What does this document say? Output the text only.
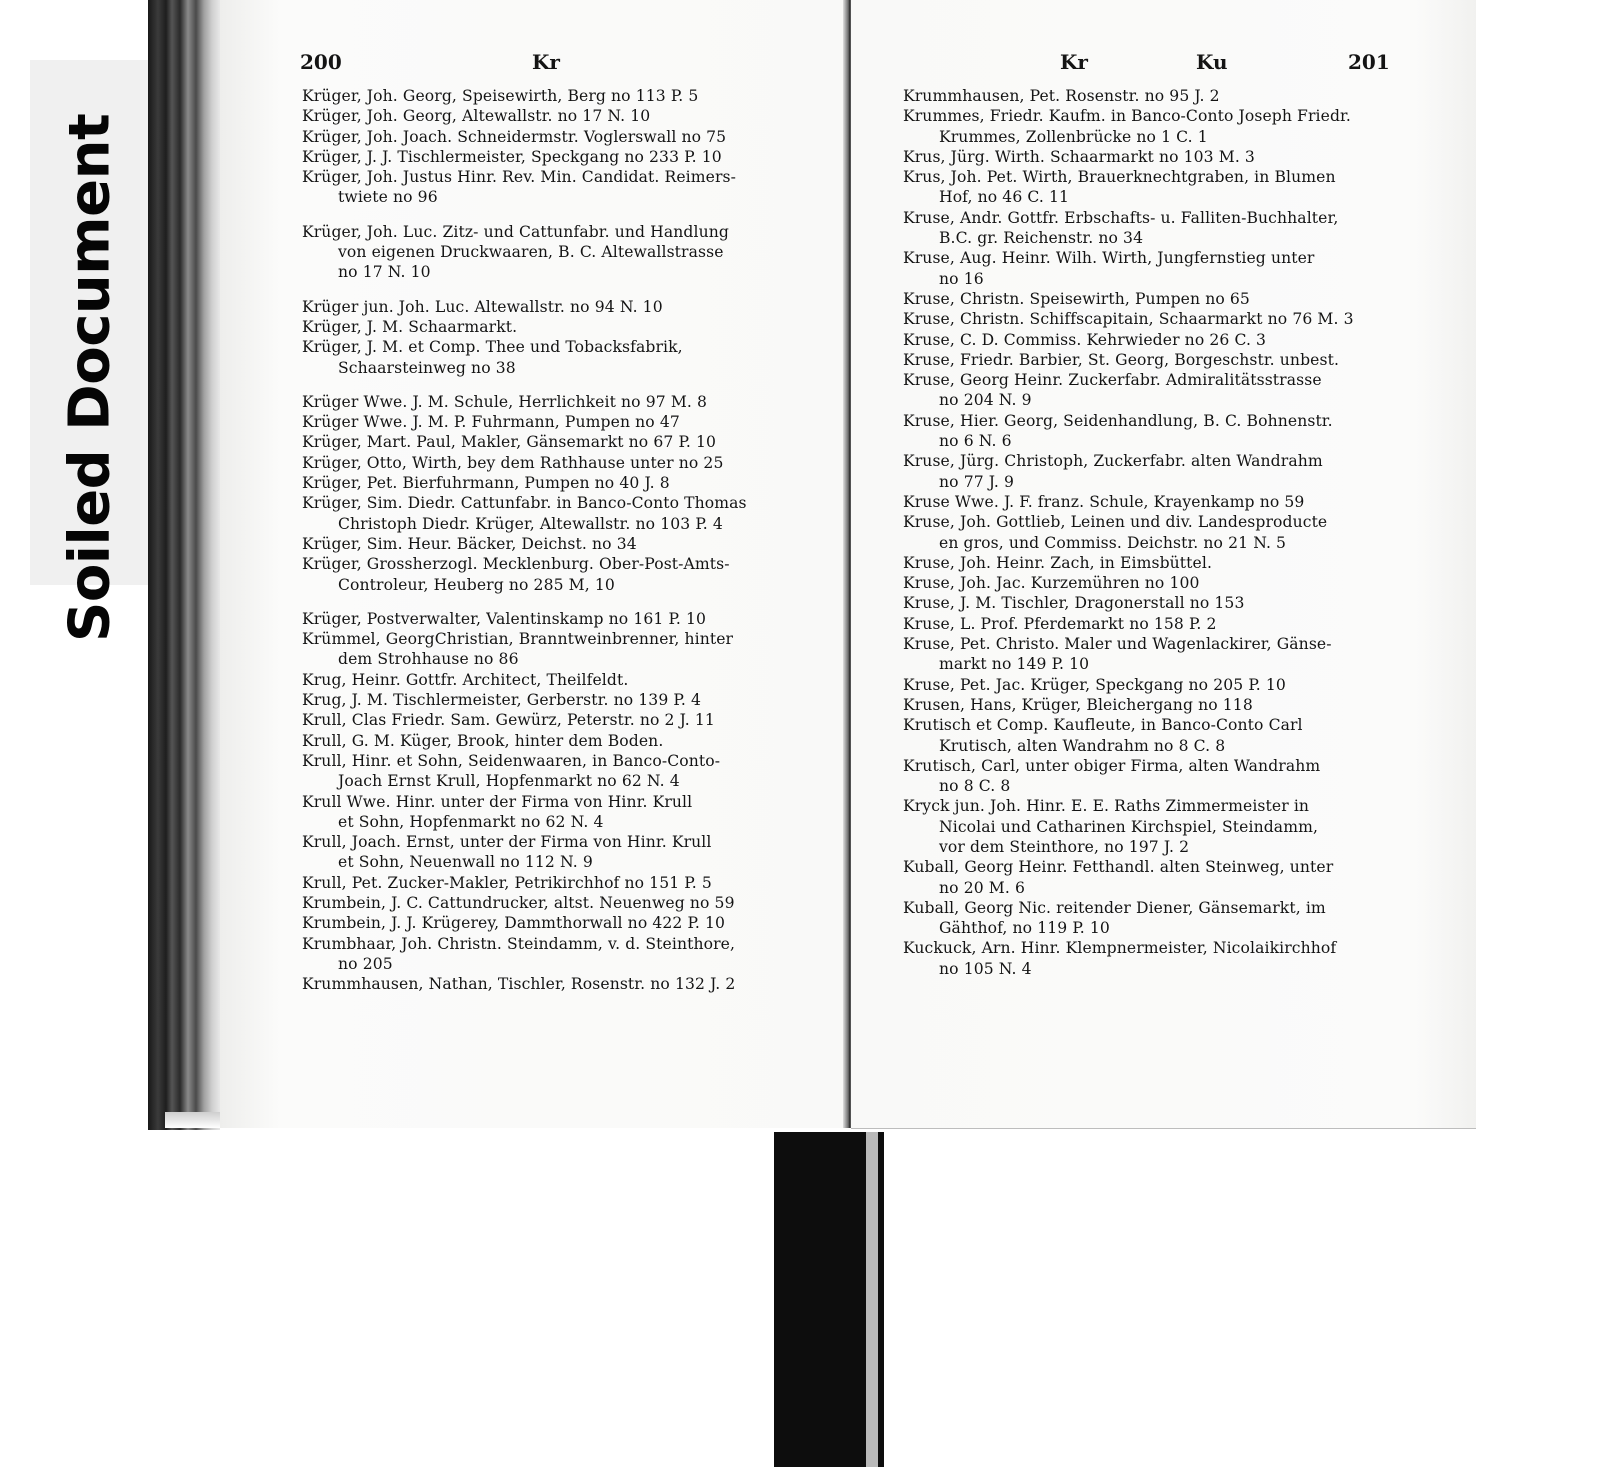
Soiled Document
200	Kr
Krüger, Joh. Georg, Speisewirth, Berg no 113 P. 5
Krüger, Joh. Georg, Altewallstr. no 17 N. 10
Krüger, Joh. Joach. Schneidermstr. Voglerswall no 75
Krüger, J. J. Tischlermeister, Speckgang no 233 P. 10
Krüger, Joh. Justus Hinr. Rev. Min. Candidat. Reimers-
twiete no 96
Krüger, Joh. Luc. Zitz- und Cattunfabr. und Handlung
von eigenen Druckwaaren, B. C. Altewallstrasse
no 17 N. 10
Krüger jun. Joh. Luc. Altewallstr. no 94 N. 10
Krüger, J. M. Schaarmarkt.
Krüger, J. M. et Comp. Thee und Tobacksfabrik,
Schaarsteinweg no 38
Krüger Wwe. J. M. Schule, Herrlichkeit no 97 M. 8
Krüger Wwe. J. M. P. Fuhrmann, Pumpen no 47
Krüger, Mart. Paul, Makler, Gänsemarkt no 67 P. 10
Krüger, Otto, Wirth, bey dem Rathhause unter no 25
Krüger, Pet. Bierfuhrmann, Pumpen no 40 J. 8
Krüger, Sim. Diedr. Cattunfabr. in Banco-Conto Thomas
Christoph Diedr. Krüger, Altewallstr. no 103 P. 4
Krüger, Sim. Heur. Bäcker, Deichst. no 34
Krüger, Grossherzogl. Mecklenburg. Ober-Post-Amts-
Controleur, Heuberg no 285 M, 10
Krüger, Postverwalter, Valentinskamp no 161 P. 10
Krümmel, GeorgChristian, Branntweinbrenner, hinter
dem Strohhause no 86
Krug, Heinr. Gottfr. Architect, Theilfeldt.
Krug, J. M. Tischlermeister, Gerberstr. no 139 P. 4
Krull, Clas Friedr. Sam. Gewürz, Peterstr. no 2 J. 11
Krull, G. M. Küger, Brook, hinter dem Boden.
Krull, Hinr. et Sohn, Seidenwaaren, in Banco-Conto-
Joach Ernst Krull, Hopfenmarkt no 62 N. 4
Krull Wwe. Hinr. unter der Firma von Hinr. Krull
et Sohn, Hopfenmarkt no 62 N. 4
Krull, Joach. Ernst, unter der Firma von Hinr. Krull
et Sohn, Neuenwall no 112 N. 9
Krull, Pet. Zucker-Makler, Petrikirchhof no 151 P. 5
Krumbein, J. C. Cattundrucker, altst. Neuenweg no 59
Krumbein, J. J. Krügerey, Dammthorwall no 422 P. 10
Krumbhaar, Joh. Christn. Steindamm, v. d. Steinthore,
no 205
Krummhausen, Nathan, Tischler, Rosenstr. no 132 J. 2
Kr	Ku	201
Krummhausen, Pet. Rosenstr. no 95 J. 2
Krummes, Friedr. Kaufm. in Banco-Conto Joseph Friedr.
Krummes, Zollenbrücke no 1 C. 1
Krus, Jürg. Wirth. Schaarmarkt no 103 M. 3
Krus, Joh. Pet. Wirth, Brauerknechtgraben, in Blumen
Hof, no 46 C. 11
Kruse, Andr. Gottfr. Erbschafts- u. Falliten-Buchhalter,
B.C. gr. Reichenstr. no 34
Kruse, Aug. Heinr. Wilh. Wirth, Jungfernstieg unter
no 16
Kruse, Christn. Speisewirth, Pumpen no 65
Kruse, Christn. Schiffscapitain, Schaarmarkt no 76 M. 3
Kruse, C. D. Commiss. Kehrwieder no 26 C. 3
Kruse, Friedr. Barbier, St. Georg, Borgeschstr. unbest.
Kruse, Georg Heinr. Zuckerfabr. Admiralitätsstrasse
no 204 N. 9
Kruse, Hier. Georg, Seidenhandlung, B. C. Bohnenstr.
no 6 N. 6
Kruse, Jürg. Christoph, Zuckerfabr. alten Wandrahm
no 77 J. 9
Kruse Wwe. J. F. franz. Schule, Krayenkamp no 59
Kruse, Joh. Gottlieb, Leinen und div. Landesproducte
en gros, und Commiss. Deichstr. no 21 N. 5
Kruse, Joh. Heinr. Zach, in Eimsbüttel.
Kruse, Joh. Jac. Kurzemühren no 100
Kruse, J. M. Tischler, Dragonerstall no 153
Kruse, L. Prof. Pferdemarkt no 158 P. 2
Kruse, Pet. Christo. Maler und Wagenlackirer, Gänse-
markt no 149 P. 10
Kruse, Pet. Jac. Krüger, Speckgang no 205 P. 10
Krusen, Hans, Krüger, Bleichergang no 118
Krutisch et Comp. Kaufleute, in Banco-Conto Carl
Krutisch, alten Wandrahm no 8 C. 8
Krutisch, Carl, unter obiger Firma, alten Wandrahm
no 8 C. 8
Kryck jun. Joh. Hinr. E. E. Raths Zimmermeister in
Nicolai und Catharinen Kirchspiel, Steindamm,
vor dem Steinthore, no 197 J. 2
Kuball, Georg Heinr. Fetthandl. alten Steinweg, unter
no 20 M. 6
Kuball, Georg Nic. reitender Diener, Gänsemarkt, im
Gähthof, no 119 P. 10
Kuckuck, Arn. Hinr. Klempnermeister, Nicolaikirchhof
no 105 N. 4
